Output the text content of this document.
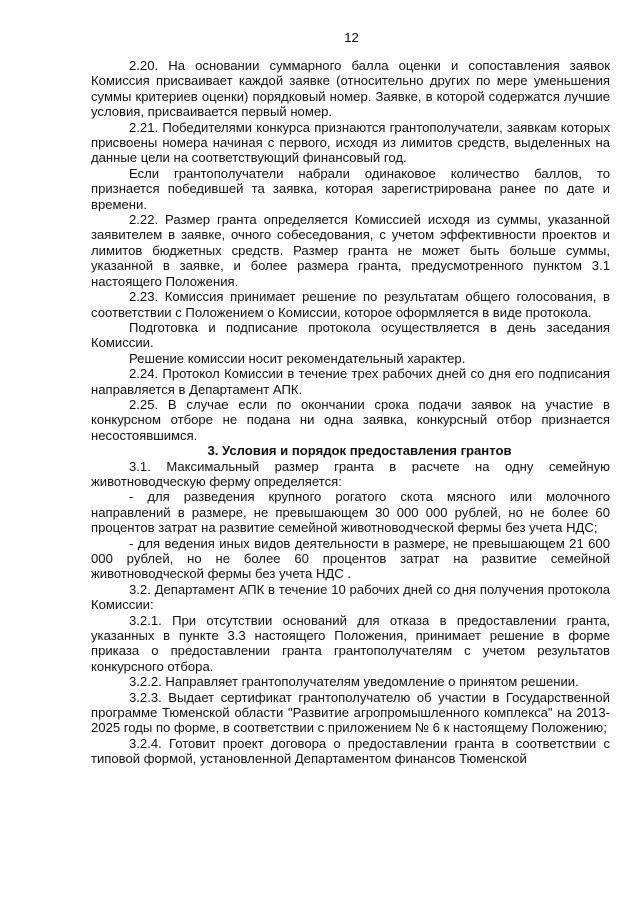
12

2.20. На основании суммарного балла оценки и сопоставления заявок Комиссия присваивает каждой заявке (относительно других по мере уменьшения суммы критериев оценки) порядковый номер. Заявке, в которой содержатся лучшие условия, присваивается первый номер.

2.21. Победителями конкурса признаются грантополучатели, заявкам которых присвоены номера начиная с первого, исходя из лимитов средств, выделенных на данные цели на соответствующий финансовый год.

Если грантополучатели набрали одинаковое количество баллов, то признается победившей та заявка, которая зарегистрирована ранее по дате и времени.

2.22. Размер гранта определяется Комиссией исходя из суммы, указанной заявителем в заявке, очного собеседования, с учетом эффективности проектов и лимитов бюджетных средств. Размер гранта не может быть больше суммы, указанной в заявке, и более размера гранта, предусмотренного пунктом 3.1 настоящего Положения.

2.23. Комиссия принимает решение по результатам общего голосования, в соответствии с Положением о Комиссии, которое оформляется в виде протокола.

Подготовка и подписание протокола осуществляется в день заседания Комиссии.

Решение комиссии носит рекомендательный характер.

2.24. Протокол Комиссии в течение трех рабочих дней со дня его подписания направляется в Департамент АПК.

2.25. В случае если по окончании срока подачи заявок на участие в конкурсном отборе не подана ни одна заявка, конкурсный отбор признается несостоявшимся.

3. Условия и порядок предоставления грантов

3.1. Максимальный размер гранта в расчете на одну семейную животноводческую ферму определяется:

- для разведения крупного рогатого скота мясного или молочного направлений в размере, не превышающем 30 000 000 рублей, но не более 60 процентов затрат на развитие семейной животноводческой фермы без учета НДС;

- для ведения иных видов деятельности в размере, не превышающем 21 600 000 рублей, но не более 60 процентов затрат на развитие семейной животноводческой фермы без учета НДС .

3.2. Департамент АПК в течение 10 рабочих дней со дня получения протокола Комиссии:

3.2.1. При отсутствии оснований для отказа в предоставлении гранта, указанных в пункте 3.3 настоящего Положения, принимает решение в форме приказа о предоставлении гранта грантополучателям с учетом результатов конкурсного отбора.

3.2.2. Направляет грантополучателям уведомление о принятом решении.

3.2.3. Выдает сертификат грантополучателю об участии в Государственной программе Тюменской области "Развитие агропромышленного комплекса" на 2013-2025 годы по форме, в соответствии с приложением № 6 к настоящему Положению;

3.2.4. Готовит проект договора о предоставлении гранта в соответствии с типовой формой, установленной Департаментом финансов Тюменской
